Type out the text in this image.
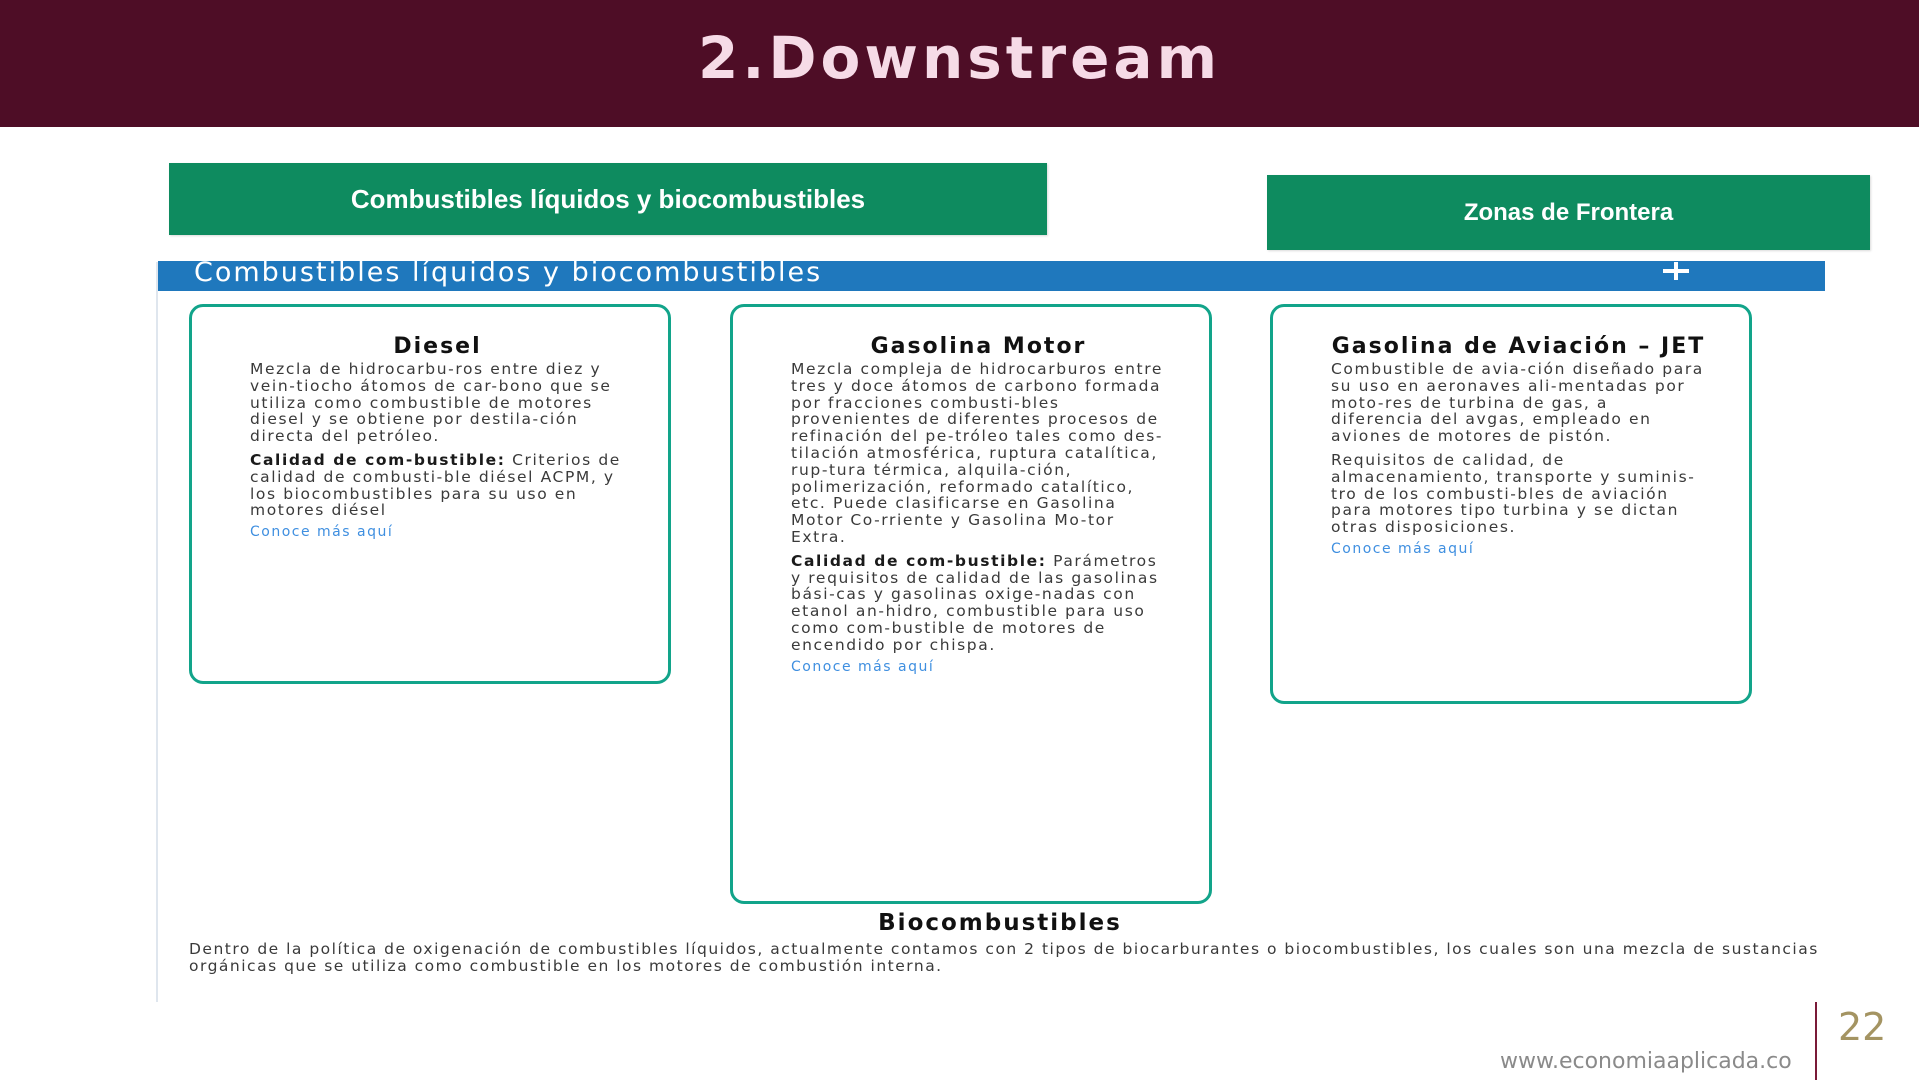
2.Downstream
Combustibles líquidos y biocombustibles	Zonas de Frontera
Combustibles líquidos y biocombustibles
Diesel
Mezcla de hidrocarbu-ros entre diez y vein-tiocho átomos de car-bono que se utiliza como combustible de motores diesel y se obtiene por destila-ción directa del petróleo.
Calidad de com-bustible: Criterios de calidad de combusti-ble diésel ACPM, y los biocombustibles para su uso en motores diésel
Conoce más aquí
Gasolina Motor
Mezcla compleja de hidrocarburos entre tres y doce átomos de carbono formada por fracciones combusti-bles provenientes de diferentes procesos de refinación del pe-tróleo tales como des-tilación atmosférica, ruptura catalítica, rup-tura térmica, alquila-ción, polimerización, reformado catalítico, etc. Puede clasificarse en Gasolina Motor Co-rriente y Gasolina Mo-tor Extra.
Calidad de com-bustible: Parámetros y requisitos de calidad de las gasolinas bási-cas y gasolinas oxige-nadas con etanol an-hidro, combustible para uso como com-bustible de motores de encendido por chispa.
Conoce más aquí
Gasolina de Aviación – JET
Combustible de avia-ción diseñado para su uso en aeronaves ali-mentadas por moto-res de turbina de gas, a diferencia del avgas, empleado en aviones de motores de pistón.
Requisitos de calidad, de almacenamiento, transporte y suminis-tro de los combusti-bles de aviación para motores tipo turbina y se dictan otras disposiciones.
Conoce más aquí
Biocombustibles
Dentro de la política de oxigenación de combustibles líquidos, actualmente contamos con 2 tipos de biocarburantes o biocombustibles, los cuales son una mezcla de sustancias orgánicas que se utiliza como combustible en los motores de combustión interna.
22
www.economiaaplicada.co
